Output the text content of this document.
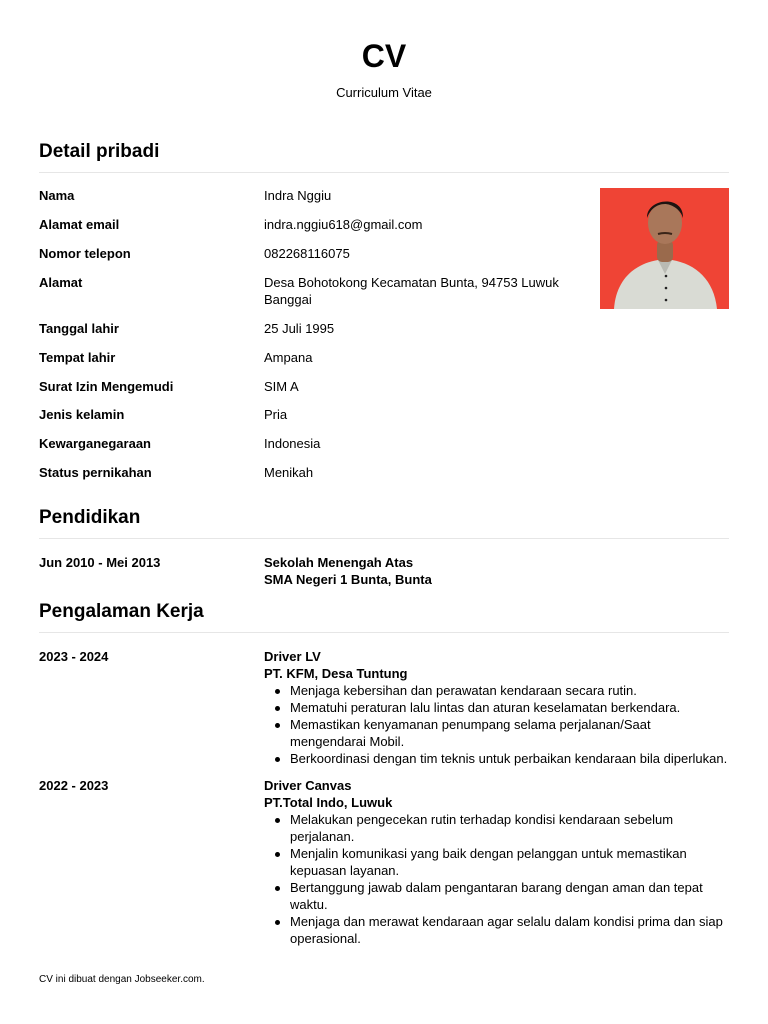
CV
Curriculum Vitae
Detail pribadi
Nama	Indra Nggiu
Alamat email	indra.nggiu618@gmail.com
Nomor telepon	082268116075
Alamat	Desa Bohotokong Kecamatan Bunta, 94753 Luwuk Banggai
Tanggal lahir	25 Juli 1995
Tempat lahir	Ampana
Surat Izin Mengemudi	SIM A
Jenis kelamin	Pria
Kewarganegaraan	Indonesia
Status pernikahan	Menikah
Pendidikan
Jun 2010 - Mei 2013	Sekolah Menengah Atas
SMA Negeri 1 Bunta, Bunta
Pengalaman Kerja
2023 - 2024	Driver LV
PT. KFM, Desa Tuntung
Menjaga kebersihan dan perawatan kendaraan secara rutin.
Mematuhi peraturan lalu lintas dan aturan keselamatan berkendara.
Memastikan kenyamanan penumpang selama perjalanan/Saat mengendarai Mobil.
Berkoordinasi dengan tim teknis untuk perbaikan kendaraan bila diperlukan.
2022 - 2023	Driver Canvas
PT.Total Indo, Luwuk
Melakukan pengecekan rutin terhadap kondisi kendaraan sebelum perjalanan.
Menjalin komunikasi yang baik dengan pelanggan untuk memastikan kepuasan layanan.
Bertanggung jawab dalam pengantaran barang dengan aman dan tepat waktu.
Menjaga dan merawat kendaraan agar selalu dalam kondisi prima dan siap operasional.
CV ini dibuat dengan Jobseeker.com.
